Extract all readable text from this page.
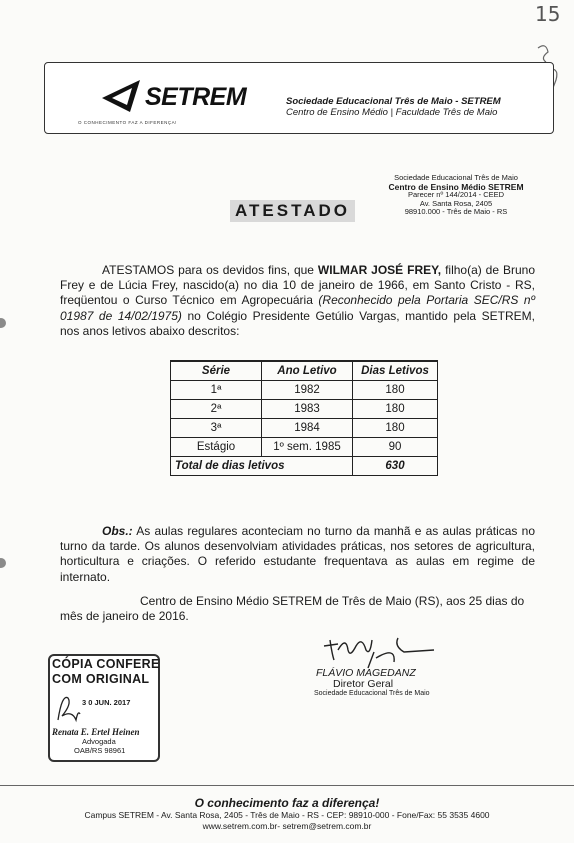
15
SETREM
O CONHECIMENTO FAZ A DIFERENÇA!
Sociedade Educacional Três de Maio - SETREM
Centro de Ensino Médio | Faculdade Três de Maio
Sociedade Educacional Três de Maio
Centro de Ensino Médio SETREM
Parecer nº 144/2014 - CEED
Av. Santa Rosa, 2405
98910.000 - Três de Maio - RS
ATESTADO
ATESTAMOS para os devidos fins, que WILMAR JOSÉ FREY, filho(a) de Bruno Frey e de Lúcia Frey, nascido(a) no dia 10 de janeiro de 1966, em Santo Cristo - RS, freqüentou o Curso Técnico em Agropecuária (Reconhecido pela Portaria SEC/RS nº 01987 de 14/02/1975) no Colégio Presidente Getúlio Vargas, mantido pela SETREM, nos anos letivos abaixo descritos:
Série	Ano Letivo	Dias Letivos
1ª	1982	180
2ª	1983	180
3ª	1984	180
Estágio	1º sem. 1985	90
Total de dias letivos		630
Obs.: As aulas regulares aconteciam no turno da manhã e as aulas práticas no turno da tarde. Os alunos desenvolviam atividades práticas, nos setores de agricultura, horticultura e criações. O referido estudante frequentava as aulas em regime de internato.
Centro de Ensino Médio SETREM de Três de Maio (RS), aos 25 dias do mês de janeiro de 2016.
CÓPIA CONFERE
COM ORIGINAL
3 0 JUN. 2017
Renata E. Ertel Heinen
Advogada
OAB/RS 98961
FLÁVIO MAGEDANZ
Diretor Geral
Sociedade Educacional Três de Maio
O conhecimento faz a diferença!
Campus SETREM - Av. Santa Rosa, 2405 - Três de Maio - RS - CEP: 98910-000 - Fone/Fax: 55 3535 4600
www.setrem.com.br- setrem@setrem.com.br
